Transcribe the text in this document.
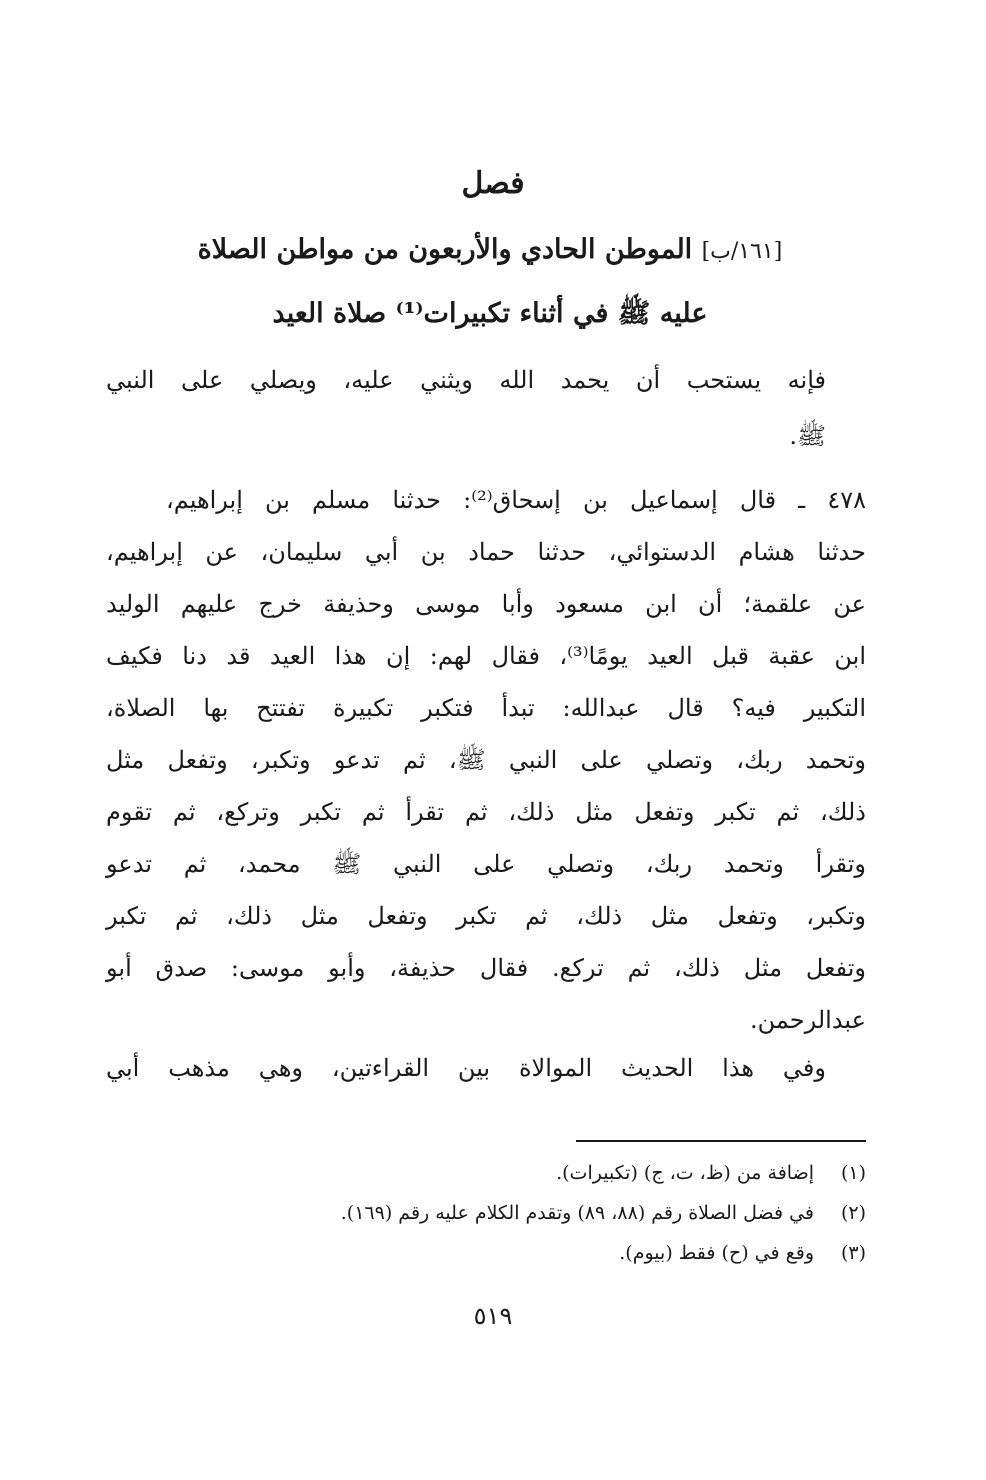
فصل
[١٦١/ب] الموطن الحادي والأربعون من مواطن الصلاة
عليه ﷺ في أثناء تكبيرات⁽¹⁾ صلاة العيد
فإنه يستحب أن يحمد الله ويثني عليه، ويصلي على النبي
ﷺ.
٤٧٨ ـ قال إسماعيل بن إسحاق⁽²⁾: حدثنا مسلم بن إبراهيم،
حدثنا هشام الدستوائي، حدثنا حماد بن أبي سليمان، عن إبراهيم،
عن علقمة؛ أن ابن مسعود وأبا موسى وحذيفة خرج عليهم الوليد
ابن عقبة قبل العيد يومًا⁽³⁾، فقال لهم: إن هذا العيد قد دنا فكيف
التكبير فيه؟ قال عبدالله: تبدأ فتكبر تكبيرة تفتتح بها الصلاة،
وتحمد ربك، وتصلي على النبي ﷺ، ثم تدعو وتكبر، وتفعل مثل
ذلك، ثم تكبر وتفعل مثل ذلك، ثم تقرأ ثم تكبر وتركع، ثم تقوم
وتقرأ وتحمد ربك، وتصلي على النبي ﷺ محمد، ثم تدعو
وتكبر، وتفعل مثل ذلك، ثم تكبر وتفعل مثل ذلك، ثم تكبر
وتفعل مثل ذلك، ثم تركع. فقال حذيفة، وأبو موسى: صدق أبو
عبدالرحمن.
وفي هذا الحديث الموالاة بين القراءتين، وهي مذهب أبي
(١)إضافة من (ظ، ت، ج) (تكبيرات).
(٢)في فضل الصلاة رقم (٨٨، ٨٩) وتقدم الكلام عليه رقم (١٦٩).
(٣)وقع في (ح) فقط (بيوم).
٥١٩
